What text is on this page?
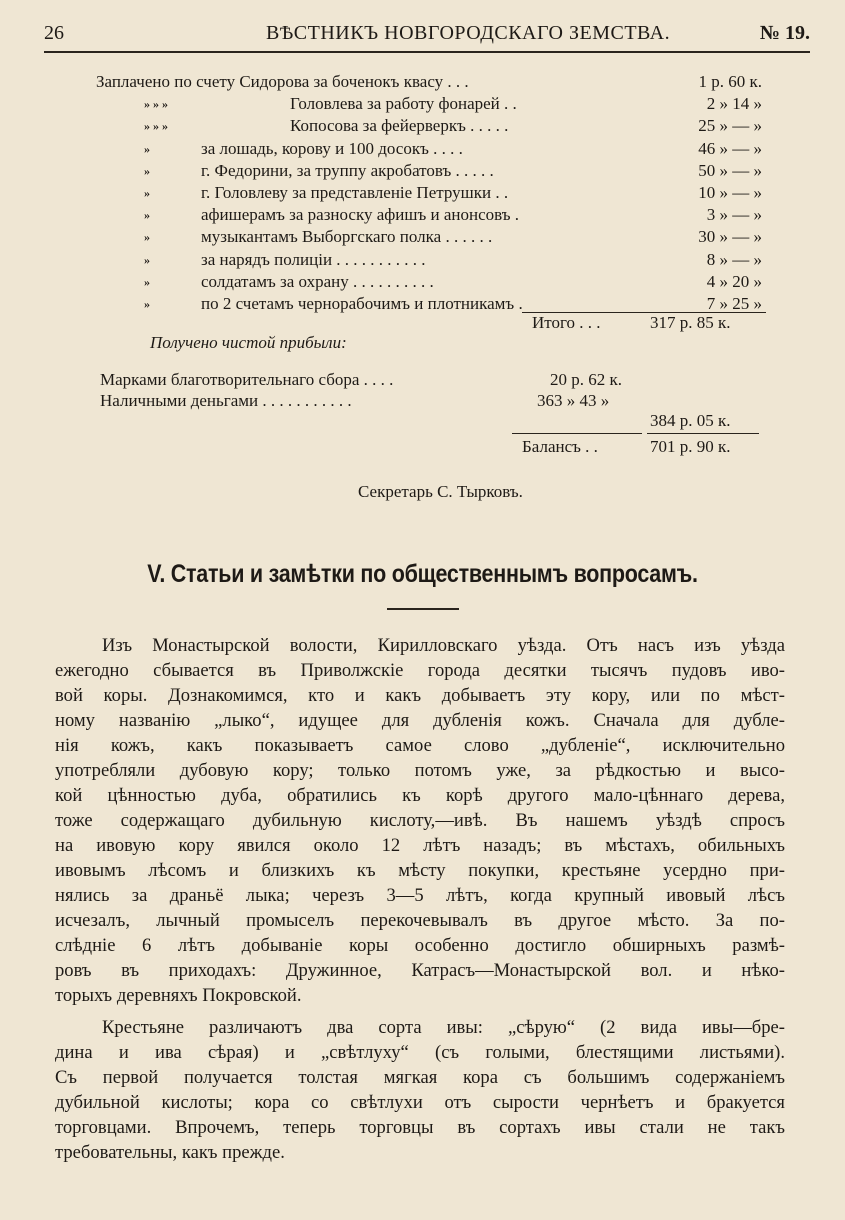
26	ВѢСТНИКЪ НОВГОРОДСКАГО ЗЕМСТВА.	№ 19.
Заплачено по счету Сидорова за боченокъ квасу . . .	1 р. 60 к.
» » »	Головлева за работу фонарей . .	2 » 14 »
» » »	Копосова за фейерверкъ . . . . .	25 » — »
»	за лошадь, корову и 100 досокъ . . . .	46 » — »
»	г. Федорини, за труппу акробатовъ . . . . .	50 » — »
»	г. Головлеву за представленіе Петрушки . .	10 » — »
»	афишерамъ за разноску афишъ и анонсовъ .	3 » — »
»	музыкантамъ Выборгскаго полка . . . . . .	30 » — »
»	за нарядъ полиціи . . . . . . . . . . .	8 » — »
»	солдатамъ за охрану . . . . . . . . . .	4 » 20 »
»	по 2 счетамъ чернорабочимъ и плотникамъ .	7 » 25 »
Итого . . .	317 р. 85 к.
Получено чистой прибыли:
Марками благотворительнаго сбора . . . .	20 р. 62 к.
Наличными деньгами . . . . . . . . . . .	363 » 43 »
384 р. 05 к.
Балансъ . .	701 р. 90 к.
Секретарь С. Тырковъ.
V. Статьи и замѣтки по общественнымъ вопросамъ.
Изъ Монастырской волости, Кирилловскаго уѣзда. Отъ насъ изъ уѣзда
ежегодно сбывается въ Приволжскіе города десятки тысячъ пудовъ иво-
вой коры. Дознакомимся, кто и какъ добываетъ эту кору, или по мѣст-
ному названію „лыко“, идущее для дубленія кожъ. Сначала для дубле-
нія кожъ, какъ показываетъ самое слово „дубленіе“, исключительно
употребляли дубовую кору; только потомъ уже, за рѣдкостью и высо-
кой цѣнностью дуба, обратились къ корѣ другого мало-цѣннаго дерева,
тоже содержащаго дубильную кислоту,—ивѣ. Въ нашемъ уѣздѣ спросъ
на ивовую кору явился около 12 лѣтъ назадъ; въ мѣстахъ, обильныхъ
ивовымъ лѣсомъ и близкихъ къ мѣсту покупки, крестьяне усердно при-
нялись за драньё лыка; черезъ 3—5 лѣтъ, когда крупный ивовый лѣсъ
исчезалъ, лычный промыселъ перекочевывалъ въ другое мѣсто. За по-
слѣдніе 6 лѣтъ добываніе коры особенно достигло обширныхъ размѣ-
ровъ въ приходахъ: Дружинное, Катрасъ—Монастырской вол. и нѣко-
торыхъ деревняхъ Покровской.
Крестьяне различаютъ два сорта ивы: „сѣрую“ (2 вида ивы—бре-
дина и ива сѣрая) и „свѣтлуху“ (съ голыми, блестящими листьями).
Съ первой получается толстая мягкая кора съ большимъ содержаніемъ
дубильной кислоты; кора со свѣтлухи отъ сырости чернѣетъ и бракуется
торговцами. Впрочемъ, теперь торговцы въ сортахъ ивы стали не такъ
требовательны, какъ прежде.
